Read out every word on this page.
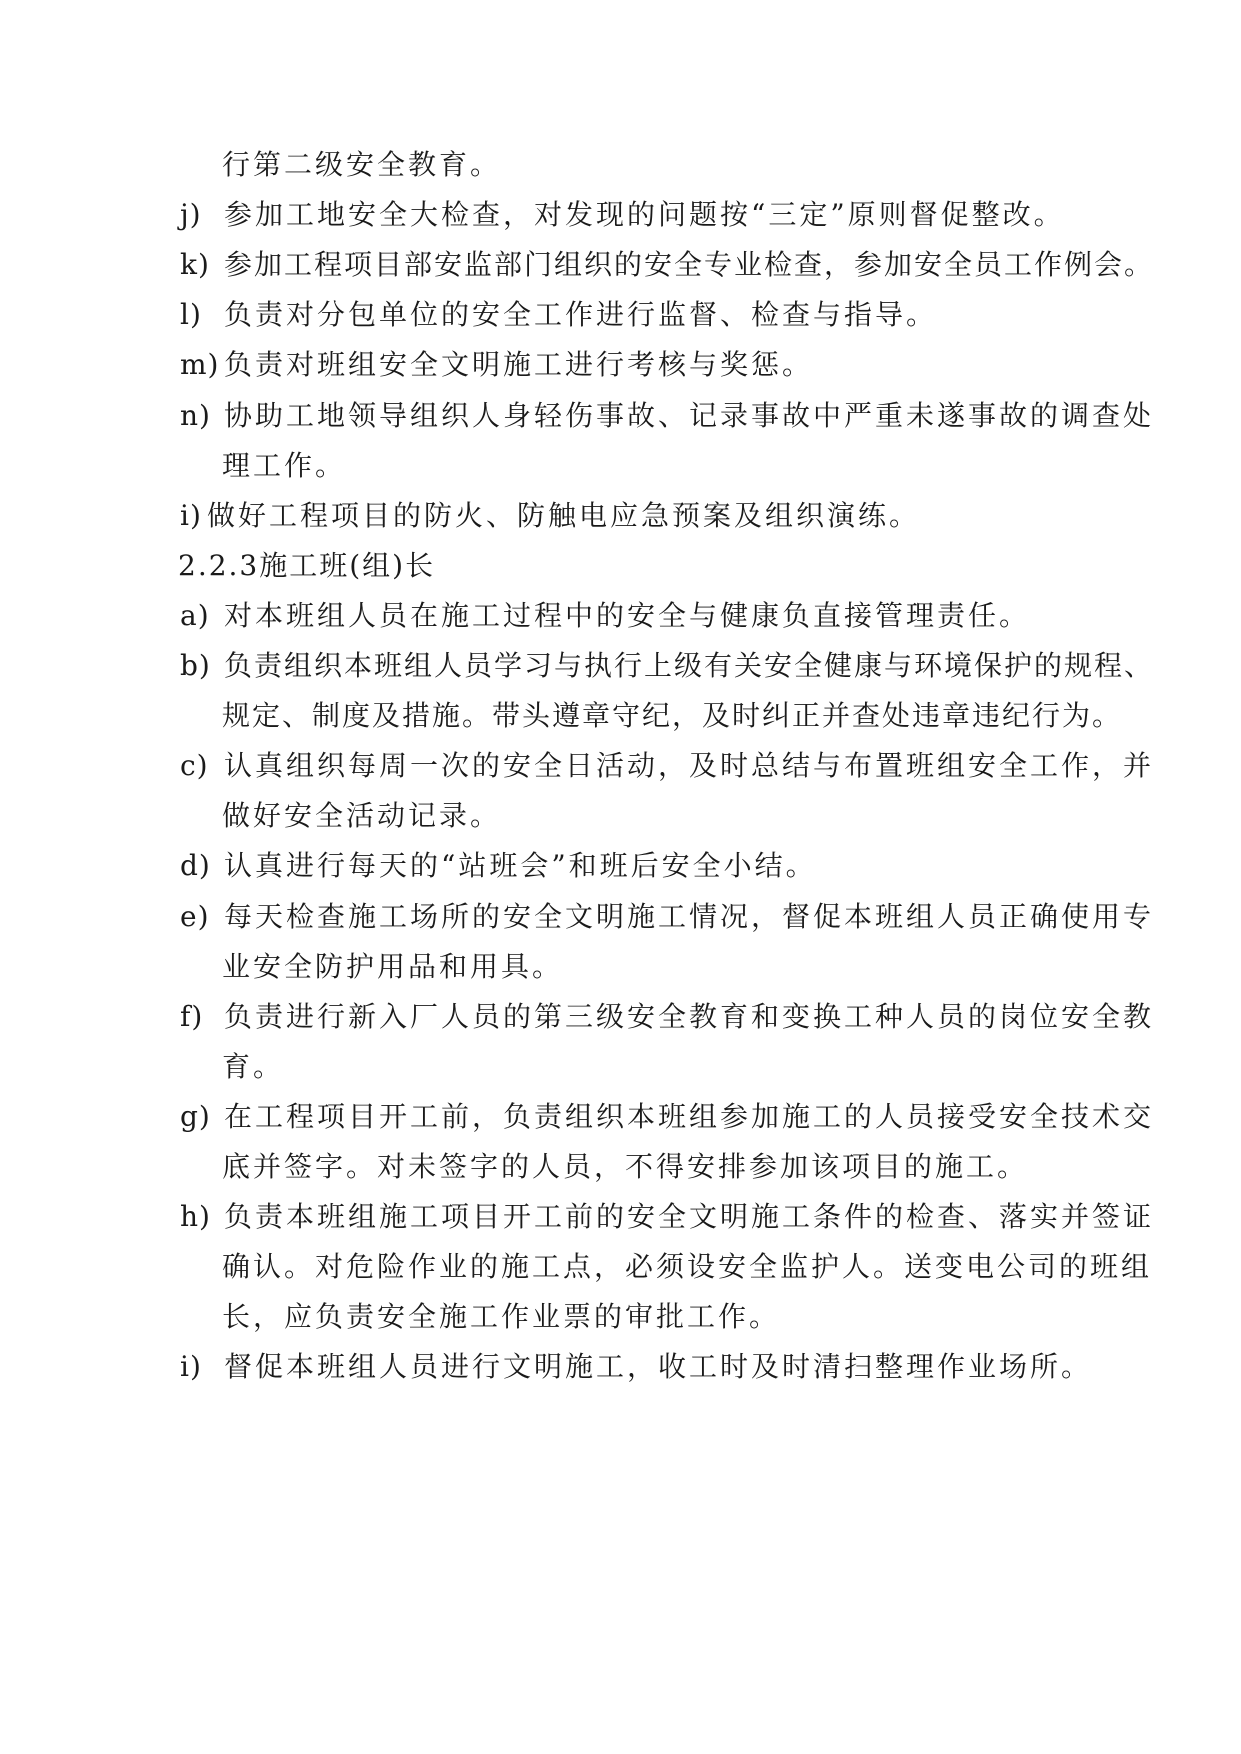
行第二级安全教育。
j) 参加工地安全大检查，对发现的问题按“三定”原则督促整改。
k) 参加工程项目部安监部门组织的安全专业检查，参加安全员工作例会。
l) 负责对分包单位的安全工作进行监督、检查与指导。
m) 负责对班组安全文明施工进行考核与奖惩。
n) 协助工地领导组织人身轻伤事故、记录事故中严重未遂事故的调查处
理工作。
i) 做好工程项目的防火、防触电应急预案及组织演练。
2.2.3施工班(组)长
a) 对本班组人员在施工过程中的安全与健康负直接管理责任。
b) 负责组织本班组人员学习与执行上级有关安全健康与环境保护的规程、
规定、制度及措施。带头遵章守纪，及时纠正并查处违章违纪行为。
c) 认真组织每周一次的安全日活动，及时总结与布置班组安全工作，并
做好安全活动记录。
d) 认真进行每天的“站班会”和班后安全小结。
e) 每天检查施工场所的安全文明施工情况，督促本班组人员正确使用专
业安全防护用品和用具。
f) 负责进行新入厂人员的第三级安全教育和变换工种人员的岗位安全教
育。
g) 在工程项目开工前，负责组织本班组参加施工的人员接受安全技术交
底并签字。对未签字的人员，不得安排参加该项目的施工。
h) 负责本班组施工项目开工前的安全文明施工条件的检查、落实并签证
确认。对危险作业的施工点，必须设安全监护人。送变电公司的班组
长，应负责安全施工作业票的审批工作。
i) 督促本班组人员进行文明施工，收工时及时清扫整理作业场所。
